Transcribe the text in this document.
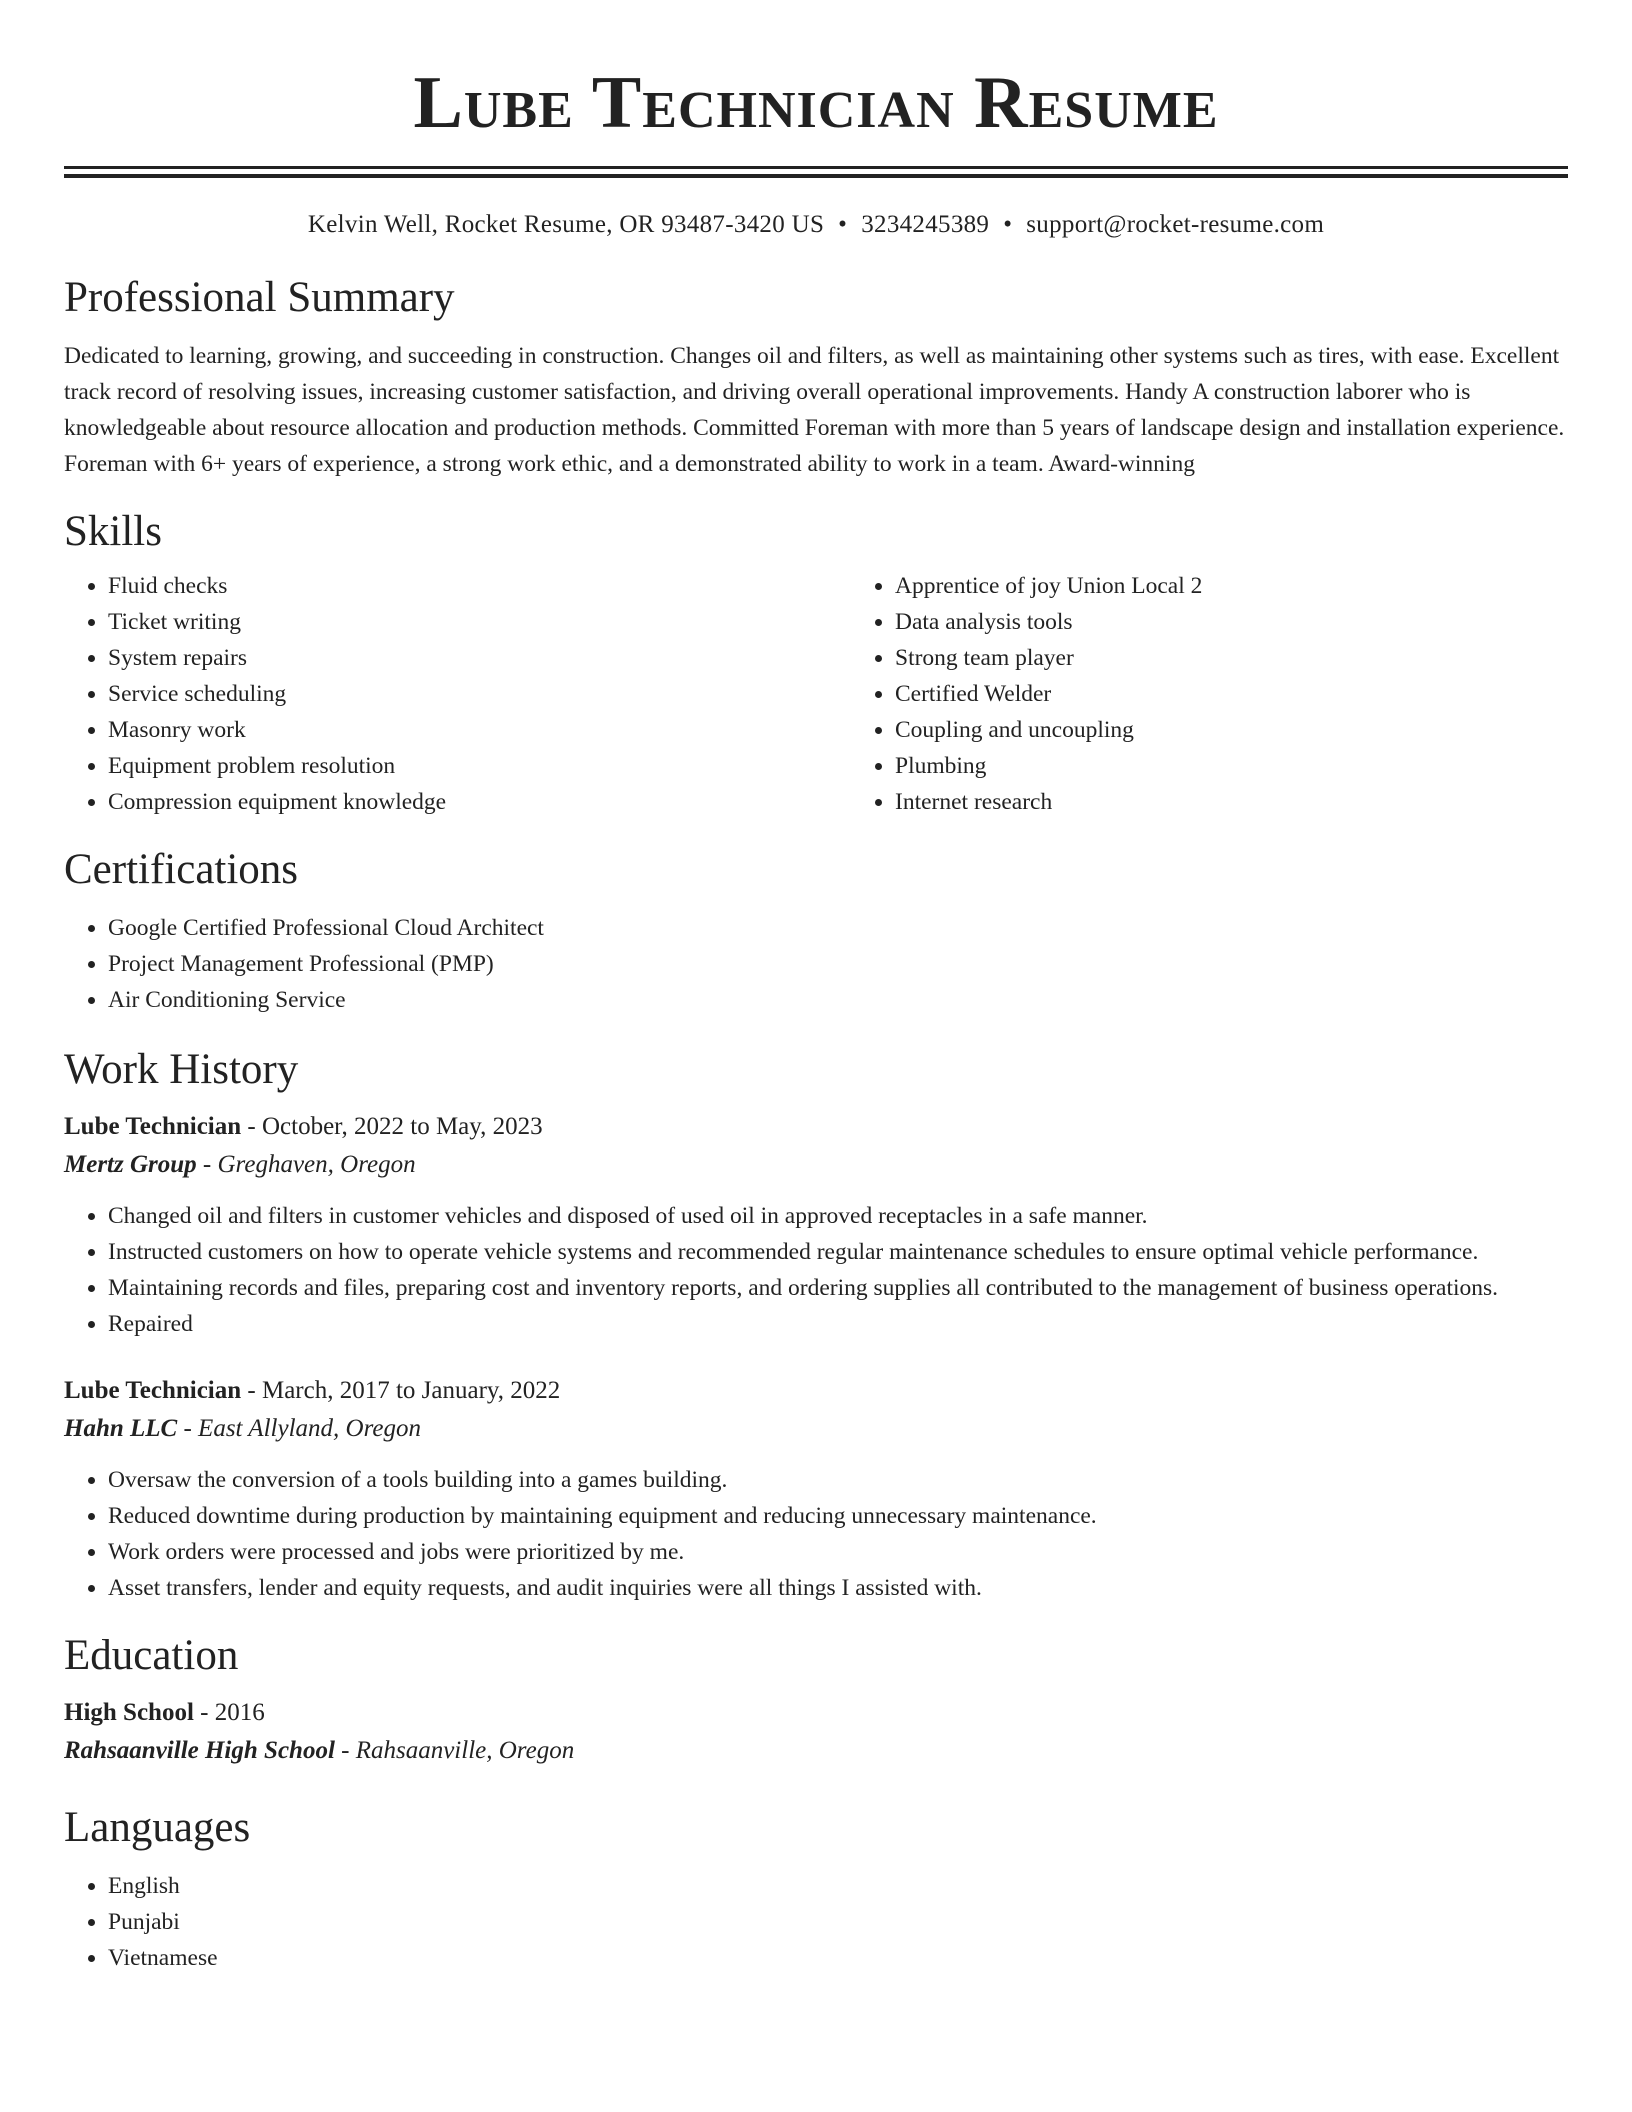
Lube Technician Resume
Kelvin Well, Rocket Resume, OR 93487-3420 US • 3234245389 • support@rocket-resume.com
Professional Summary

Dedicated to learning, growing, and succeeding in construction. Changes oil and filters, as well as maintaining other systems such as tires, with ease. Excellent track record of resolving issues, increasing customer satisfaction, and driving overall operational improvements. Handy A construction laborer who is knowledgeable about resource allocation and production methods. Committed Foreman with more than 5 years of landscape design and installation experience. Foreman with 6+ years of experience, a strong work ethic, and a demonstrated ability to work in a team. Award-winning

Skills
• Fluid checks
• Ticket writing
• System repairs
• Service scheduling
• Masonry work
• Equipment problem resolution
• Compression equipment knowledge
• Apprentice of joy Union Local 2
• Data analysis tools
• Strong team player
• Certified Welder
• Coupling and uncoupling
• Plumbing
• Internet research
Certifications
• Google Certified Professional Cloud Architect
• Project Management Professional (PMP)
• Air Conditioning Service
Work History
Lube Technician - October, 2022 to May, 2023
Mertz Group - Greghaven, Oregon
• Changed oil and filters in customer vehicles and disposed of used oil in approved receptacles in a safe manner.
• Instructed customers on how to operate vehicle systems and recommended regular maintenance schedules to ensure optimal vehicle performance.
• Maintaining records and files, preparing cost and inventory reports, and ordering supplies all contributed to the management of business operations.
• Repaired
Lube Technician - March, 2017 to January, 2022
Hahn LLC - East Allyland, Oregon
• Oversaw the conversion of a tools building into a games building.
• Reduced downtime during production by maintaining equipment and reducing unnecessary maintenance.
• Work orders were processed and jobs were prioritized by me.
• Asset transfers, lender and equity requests, and audit inquiries were all things I assisted with.
Education
High School - 2016
Rahsaanville High School - Rahsaanville, Oregon
Languages
• English
• Punjabi
• Vietnamese
